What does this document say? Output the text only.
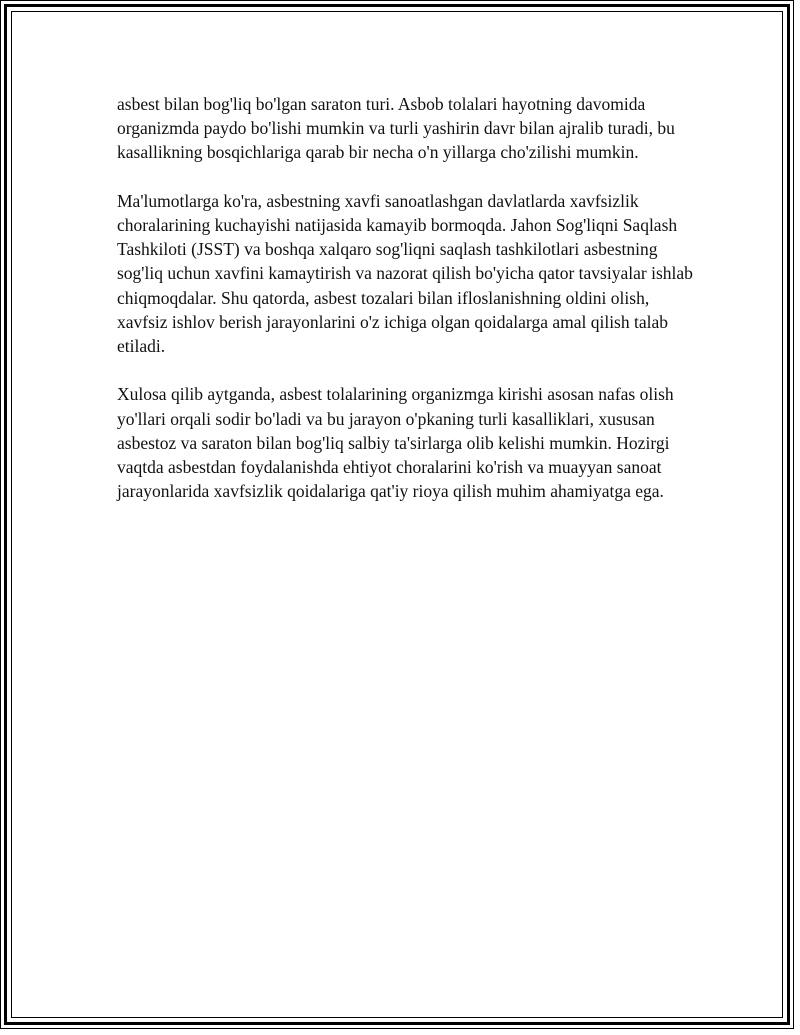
asbest bilan bog'liq bo'lgan saraton turi. Asbob tolalari hayotning davomida organizmda paydo bo'lishi mumkin va turli yashirin davr bilan ajralib turadi, bu kasallikning bosqichlariga qarab bir necha o'n yillarga cho'zilishi mumkin.

Ma'lumotlarga ko'ra, asbestning xavfi sanoatlashgan davlatlarda xavfsizlik choralarining kuchayishi natijasida kamayib bormoqda. Jahon Sog'liqni Saqlash Tashkiloti (JSST) va boshqa xalqaro sog'liqni saqlash tashkilotlari asbestning sog'liq uchun xavfini kamaytirish va nazorat qilish bo'yicha qator tavsiyalar ishlab chiqmoqdalar. Shu qatorda, asbest tozalari bilan ifloslanishning oldini olish, xavfsiz ishlov berish jarayonlarini o'z ichiga olgan qoidalarga amal qilish talab etiladi.

Xulosa qilib aytganda, asbest tolalarining organizmga kirishi asosan nafas olish yo'llari orqali sodir bo'ladi va bu jarayon o'pkaning turli kasalliklari, xususan asbestoz va saraton bilan bog'liq salbiy ta'sirlarga olib kelishi mumkin. Hozirgi vaqtda asbestdan foydalanishda ehtiyot choralarini ko'rish va muayyan sanoat jarayonlarida xavfsizlik qoidalariga qat'iy rioya qilish muhim ahamiyatga ega.
